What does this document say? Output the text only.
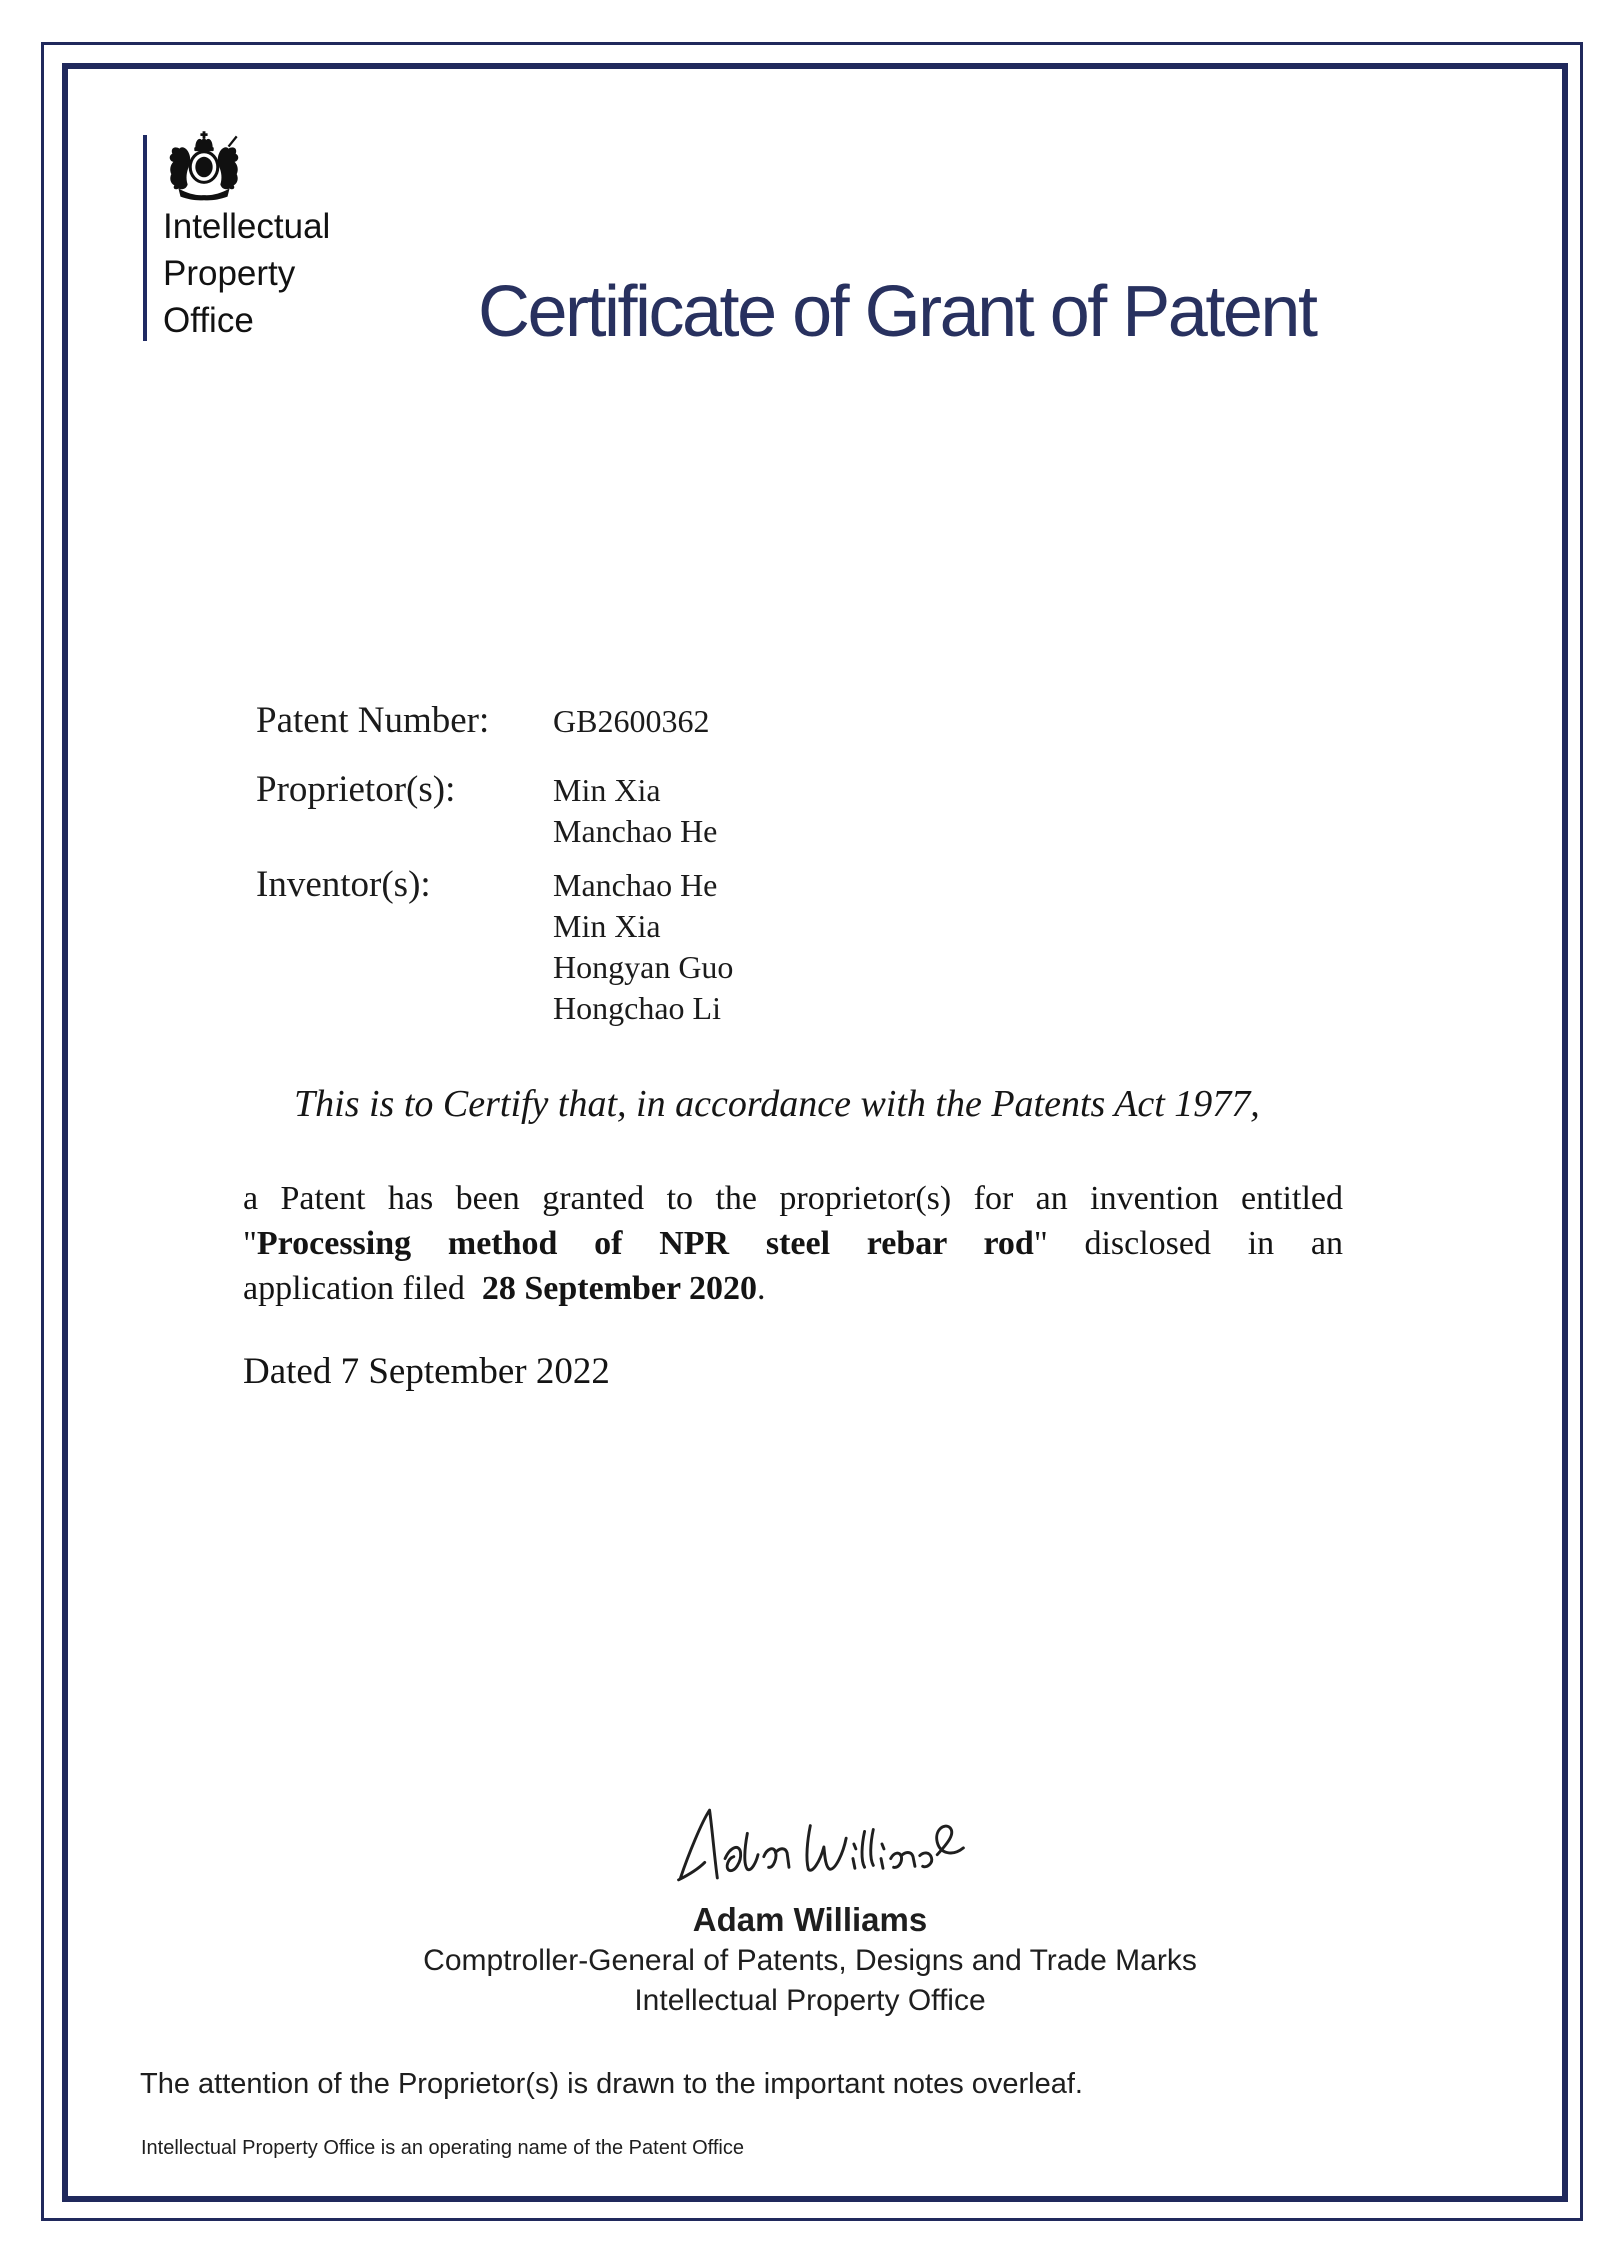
Intellectual
Property
Office	Certificate of Grant of Patent
Patent Number:	GB2600362
Proprietor(s):	Min Xia
Manchao He
Inventor(s):	Manchao He
Min Xia
Hongyan Guo
Hongchao Li
This is to Certify that, in accordance with the Patents Act 1977,
a Patent has been granted to the proprietor(s) for an invention entitled
"Processing method of NPR steel rebar rod" disclosed in an
application filed  28 September 2020.
Dated 7 September 2022
Adam Williams
Comptroller-General of Patents, Designs and Trade Marks
Intellectual Property Office
The attention of the Proprietor(s) is drawn to the important notes overleaf.
Intellectual Property Office is an operating name of the Patent Office
